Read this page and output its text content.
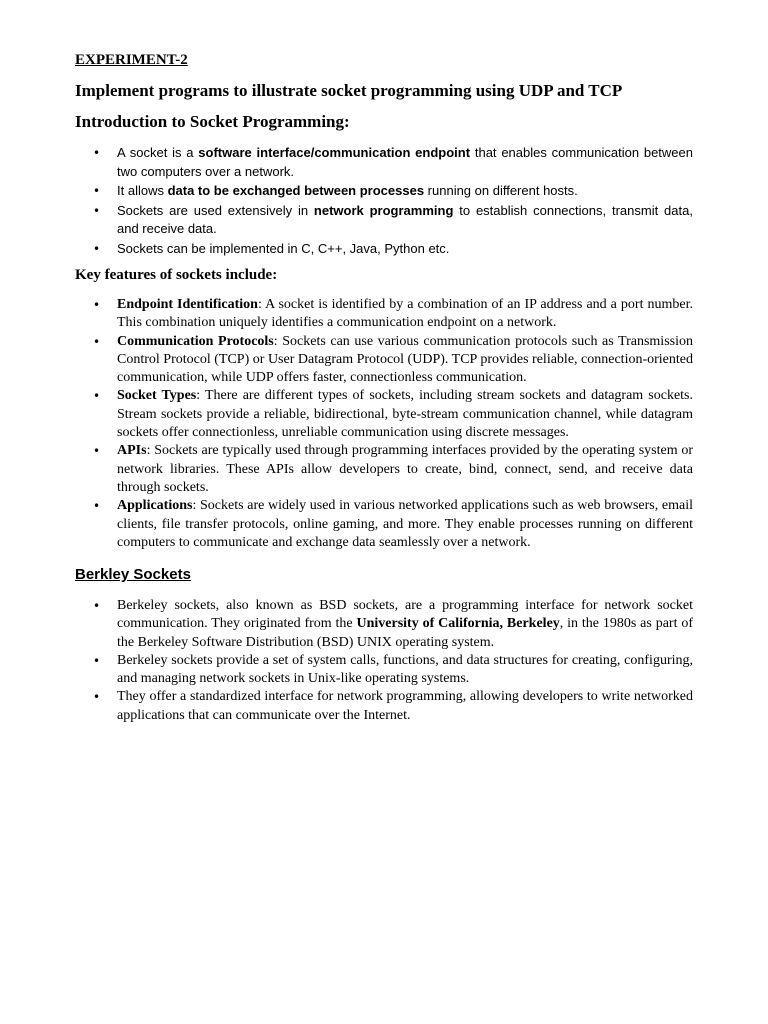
EXPERIMENT-2
Implement programs to illustrate socket programming using UDP and TCP
Introduction to Socket Programming:
• A socket is a software interface/communication endpoint that enables communication between two computers over a network.
• It allows data to be exchanged between processes running on different hosts.
• Sockets are used extensively in network programming to establish connections, transmit data, and receive data.
• Sockets can be implemented in C, C++, Java, Python etc.
Key features of sockets include:
• Endpoint Identification: A socket is identified by a combination of an IP address and a port number. This combination uniquely identifies a communication endpoint on a network.
• Communication Protocols: Sockets can use various communication protocols such as Transmission Control Protocol (TCP) or User Datagram Protocol (UDP). TCP provides reliable, connection-oriented communication, while UDP offers faster, connectionless communication.
• Socket Types: There are different types of sockets, including stream sockets and datagram sockets. Stream sockets provide a reliable, bidirectional, byte-stream communication channel, while datagram sockets offer connectionless, unreliable communication using discrete messages.
• APIs: Sockets are typically used through programming interfaces provided by the operating system or network libraries. These APIs allow developers to create, bind, connect, send, and receive data through sockets.
• Applications: Sockets are widely used in various networked applications such as web browsers, email clients, file transfer protocols, online gaming, and more. They enable processes running on different computers to communicate and exchange data seamlessly over a network.
Berkley Sockets
• Berkeley sockets, also known as BSD sockets, are a programming interface for network socket communication. They originated from the University of California, Berkeley, in the 1980s as part of the Berkeley Software Distribution (BSD) UNIX operating system.
• Berkeley sockets provide a set of system calls, functions, and data structures for creating, configuring, and managing network sockets in Unix-like operating systems.
• They offer a standardized interface for network programming, allowing developers to write networked applications that can communicate over the Internet.
